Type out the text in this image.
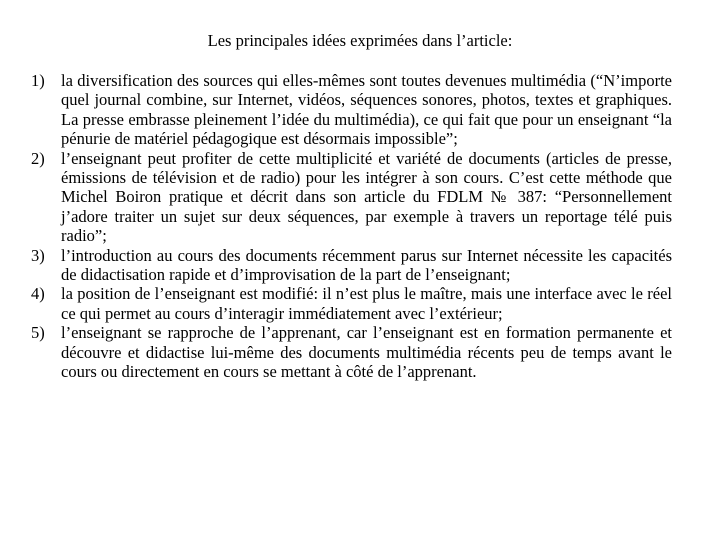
Les principales idées exprimées dans l’article:
1) la diversification des sources qui elles-mêmes sont toutes devenues multimédia (“N’importe quel journal combine, sur Internet, vidéos, séquences sonores, photos, textes et graphiques. La presse embrasse pleinement l’idée du multimédia), ce qui fait que pour un enseignant “la pénurie de matériel pédagogique est désormais impossible”;
2) l’enseignant peut profiter de cette multiplicité et variété de documents (articles de presse, émissions de télévision et de radio) pour les intégrer à son cours. C’est cette méthode que Michel Boiron pratique et décrit dans son article du FDLM № 387: “Personnellement j’adore traiter un sujet sur deux séquences, par exemple à travers un reportage télé puis radio”;
3) l’introduction au cours des documents récemment parus sur Internet nécessite les capacités de didactisation rapide et d’improvisation de la part de l’enseignant;
4) la position de l’enseignant est modifié: il n’est plus le maître, mais une interface avec le réel ce qui permet au cours d’interagir immédiatement avec l’extérieur;
5) l’enseignant se rapproche de l’apprenant, car l’enseignant est en formation permanente et découvre et didactise lui-même des documents multimédia récents peu de temps avant le cours ou directement en cours se mettant à côté de l’apprenant.
